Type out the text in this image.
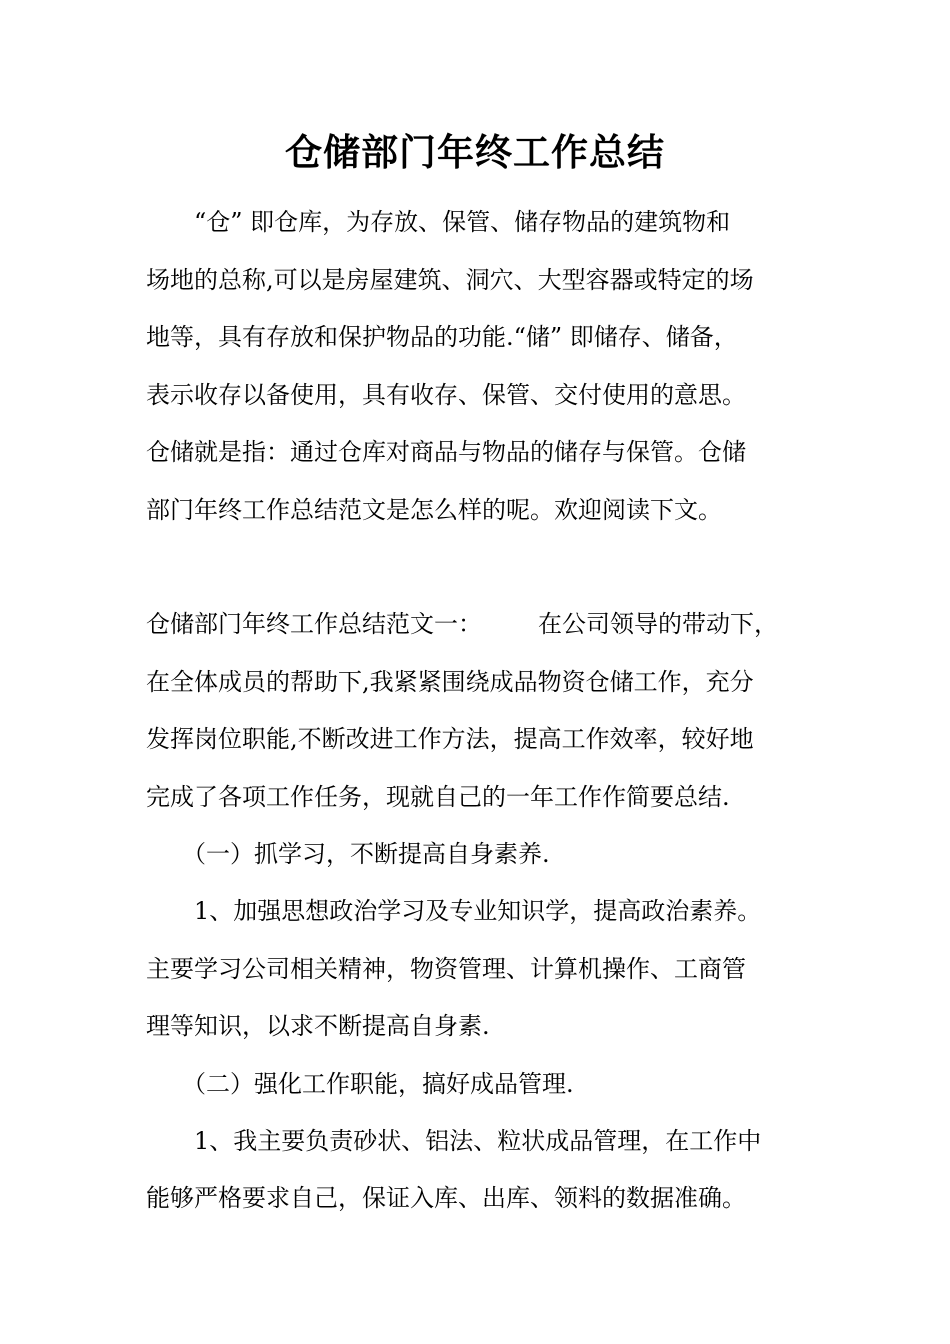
仓储部门年终工作总结
　　“仓” 即仓库，为存放、保管、储存物品的建筑物和
场地的总称,可以是房屋建筑、洞穴、大型容器或特定的场
地等，具有存放和保护物品的功能.“储” 即储存、储备，
表示收存以备使用，具有收存、保管、交付使用的意思。
仓储就是指：通过仓库对商品与物品的储存与保管。仓储
部门年终工作总结范文是怎么样的呢。欢迎阅读下文。
仓储部门年终工作总结范文一： 在公司领导的带动下，
在全体成员的帮助下,我紧紧围绕成品物资仓储工作，充分
发挥岗位职能,不断改进工作方法，提高工作效率，较好地
完成了各项工作任务，现就自己的一年工作作简要总结.
　　（一）抓学习，不断提高自身素养.
　　1、加强思想政治学习及专业知识学，提高政治素养。
主要学习公司相关精神，物资管理、计算机操作、工商管
理等知识，以求不断提高自身素.
　　（二）强化工作职能，搞好成品管理.
　　1、我主要负责砂状、铝法、粒状成品管理，在工作中
能够严格要求自己，保证入库、出库、领料的数据准确。
